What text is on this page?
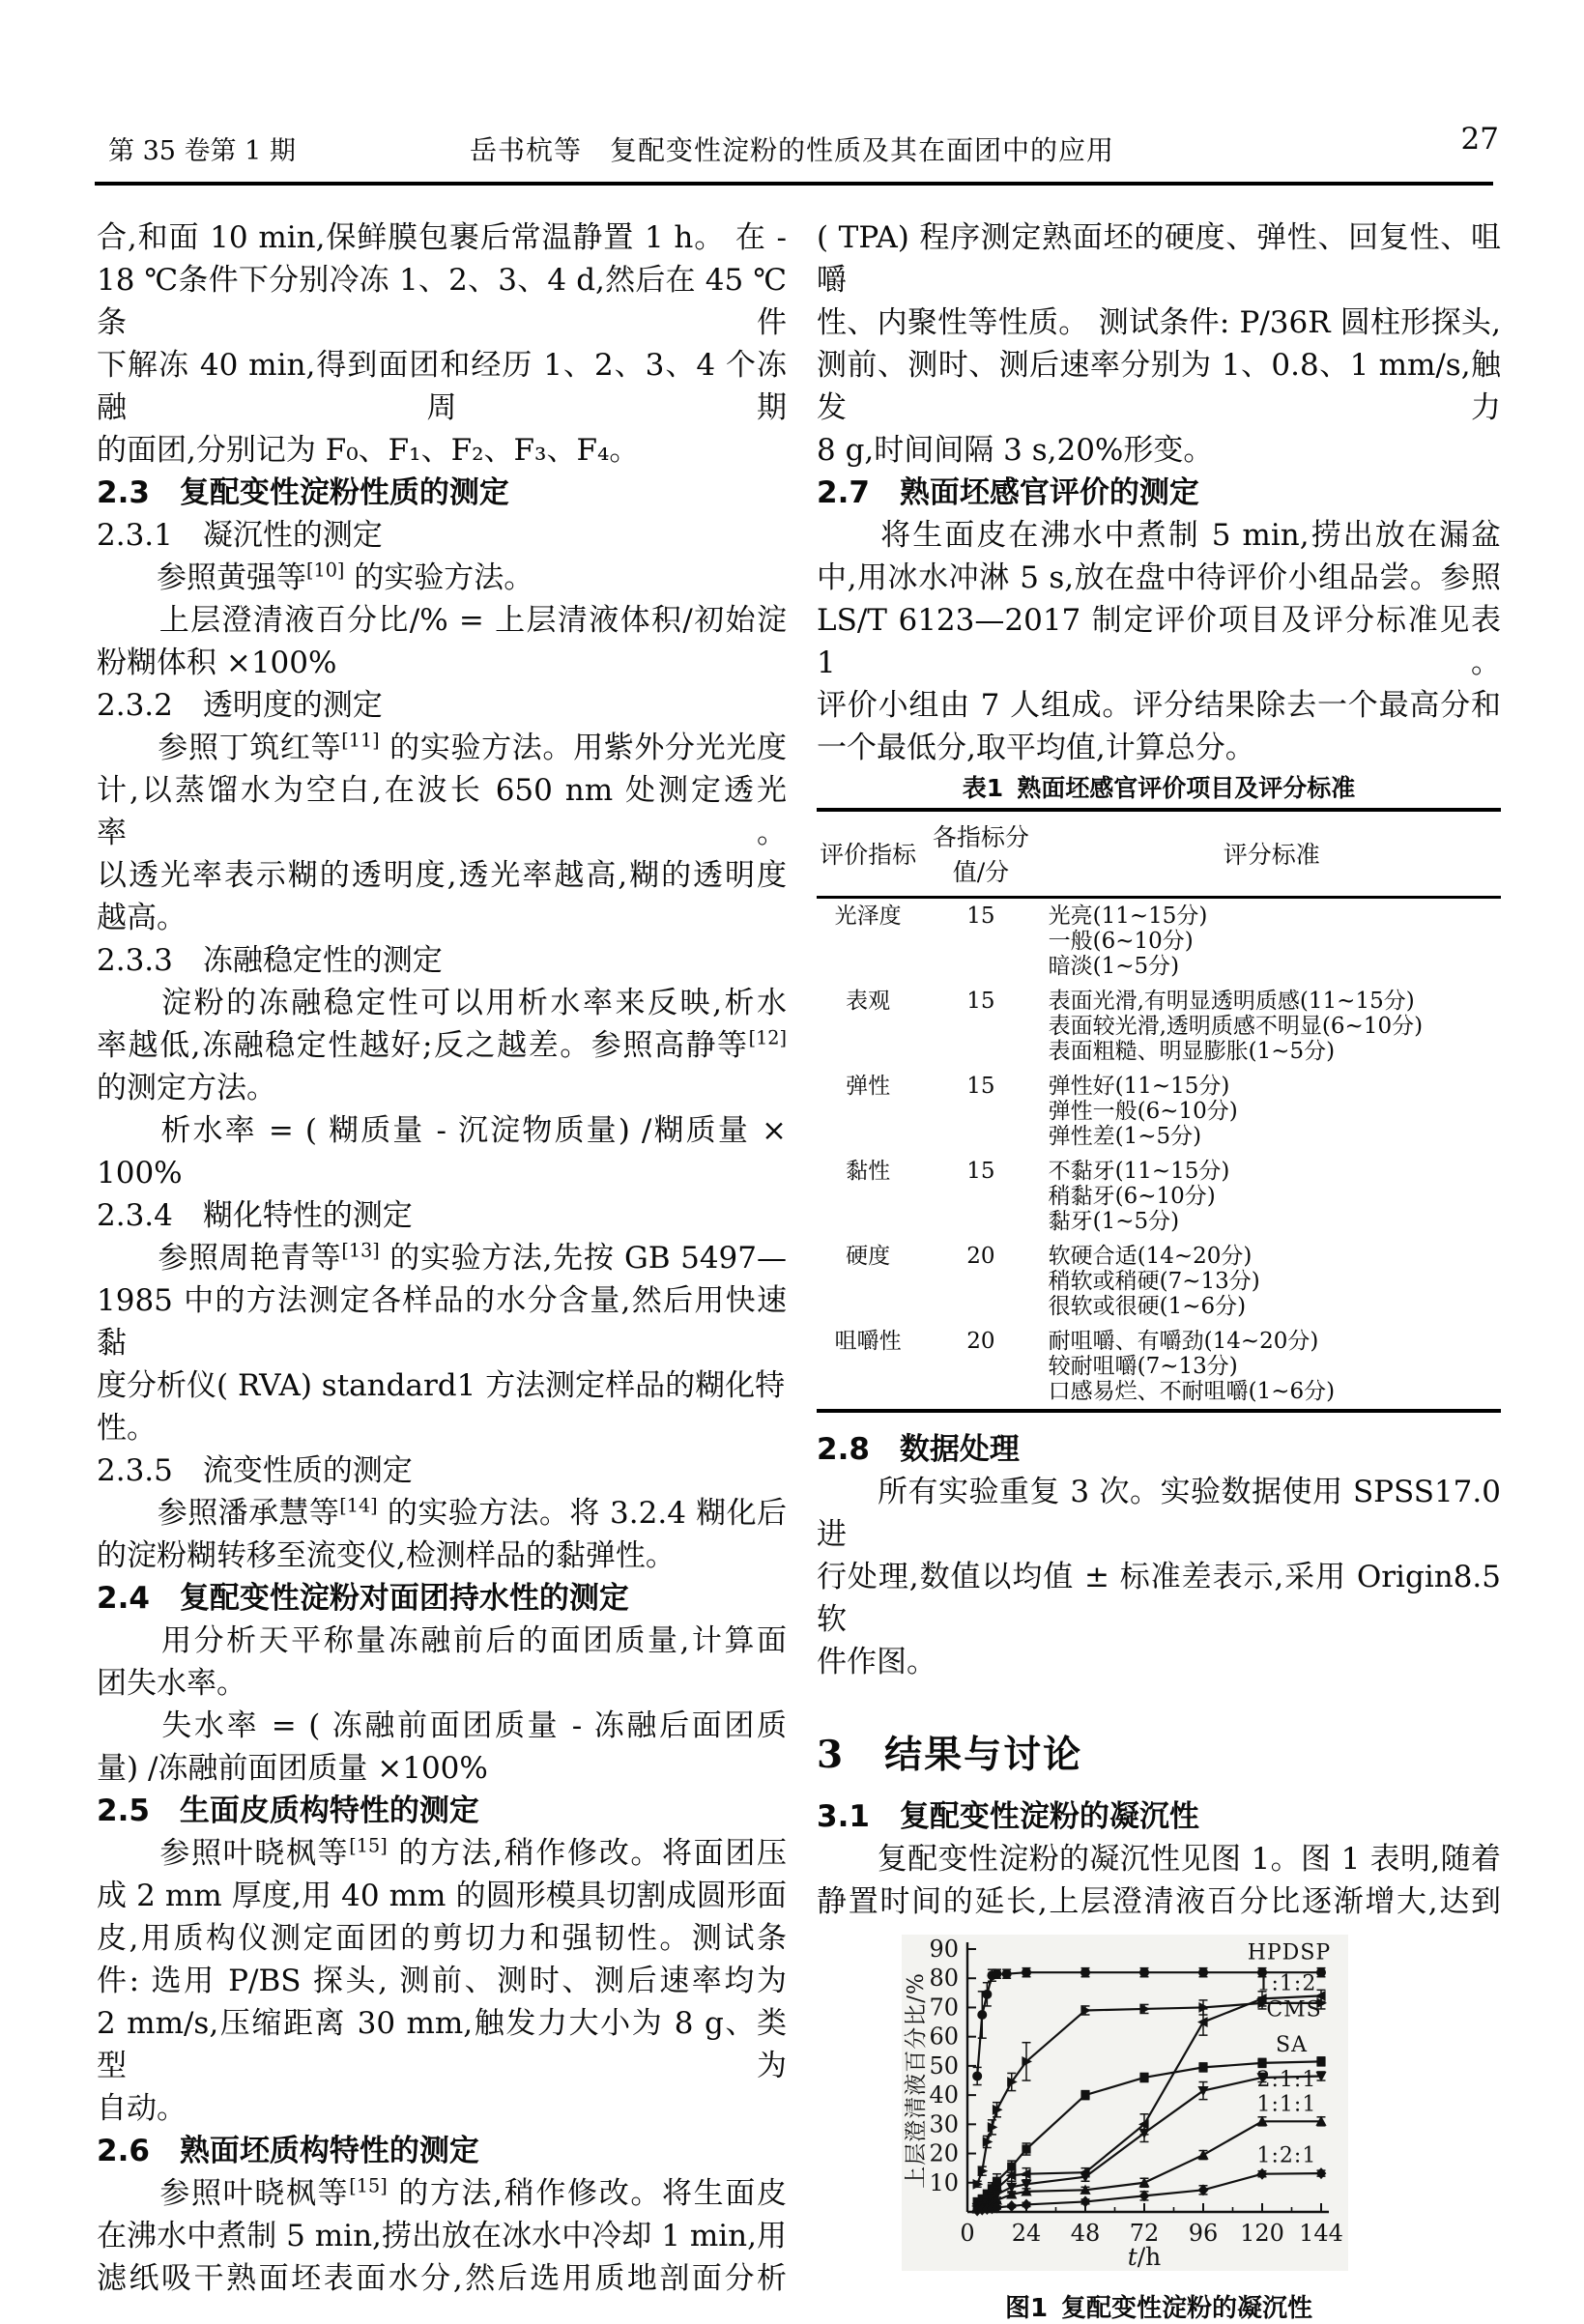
第 35 卷第 1 期	岳书杭等　复配变性淀粉的性质及其在面团中的应用	27
合,和面 10 min,保鲜膜包裹后常温静置 1 h。 在 -
18 ℃条件下分别冷冻 1、2、3、4 d,然后在 45 ℃条件
下解冻 40 min,得到面团和经历 1、2、3、4 个冻融周期
的面团,分别记为 F₀、F₁、F₂、F₃、F₄。
2.3　复配变性淀粉性质的测定
2.3.1　凝沉性的测定
　　参照黄强等[10] 的实验方法。
　　上层澄清液百分比/% = 上层清液体积/初始淀
粉糊体积 ×100%
2.3.2　透明度的测定
　　参照丁筑红等[11] 的实验方法。用紫外分光光度
计,以蒸馏水为空白,在波长 650 nm 处测定透光率。
以透光率表示糊的透明度,透光率越高,糊的透明度
越高。
2.3.3　冻融稳定性的测定
　　淀粉的冻融稳定性可以用析水率来反映,析水
率越低,冻融稳定性越好;反之越差。参照高静等[12]
的测定方法。
　　析水率 = ( 糊质量 - 沉淀物质量) /糊质量 ×
100%
2.3.4　糊化特性的测定
　　参照周艳青等[13] 的实验方法,先按 GB 5497—
1985 中的方法测定各样品的水分含量,然后用快速黏
度分析仪( RVA) standard1 方法测定样品的糊化特性。
2.3.5　流变性质的测定
　　参照潘承慧等[14] 的实验方法。将 3.2.4 糊化后
的淀粉糊转移至流变仪,检测样品的黏弹性。
2.4　复配变性淀粉对面团持水性的测定
　　用分析天平称量冻融前后的面团质量,计算面
团失水率。
　　失水率 = ( 冻融前面团质量 - 冻融后面团质
量) /冻融前面团质量 ×100%
2.5　生面皮质构特性的测定
　　参照叶晓枫等[15] 的方法,稍作修改。将面团压
成 2 mm 厚度,用 40 mm 的圆形模具切割成圆形面
皮,用质构仪测定面团的剪切力和强韧性。测试条
件: 选用 P/BS 探头, 测前、测时、测后速率均为
2 mm/s,压缩距离 30 mm,触发力大小为 8 g、类型为
自动。
2.6　熟面坯质构特性的测定
　　参照叶晓枫等[15] 的方法,稍作修改。将生面皮
在沸水中煮制 5 min,捞出放在冰水中冷却 1 min,用
滤纸吸干熟面坯表面水分,然后选用质地剖面分析
( TPA) 程序测定熟面坯的硬度、弹性、回复性、咀嚼
性、内聚性等性质。 测试条件: P/36R 圆柱形探头,
测前、测时、测后速率分别为 1、0.8、1 mm/s,触发力
8 g,时间间隔 3 s,20%形变。
2.7　熟面坯感官评价的测定
　　将生面皮在沸水中煮制 5 min,捞出放在漏盆
中,用冰水冲淋 5 s,放在盘中待评价小组品尝。参照
LS/T 6123—2017 制定评价项目及评分标准见表 1。
评价小组由 7 人组成。评分结果除去一个最高分和
一个最低分,取平均值,计算总分。
表1 熟面坯感官评价项目及评分标准
评价指标	各指标分值/分	评分标准
光泽度	15	光亮(11~15分)
一般(6~10分)
暗淡(1~5分)

表观	15	表面光滑,有明显透明质感(11~15分)
表面较光滑,透明质感不明显(6~10分)
表面粗糙、明显膨胀(1~5分)

弹性	15	弹性好(11~15分)
弹性一般(6~10分)
弹性差(1~5分)

黏性	15	不黏牙(11~15分)
稍黏牙(6~10分)
黏牙(1~5分)

硬度	20	软硬合适(14~20分)
稍软或稍硬(7~13分)
很软或很硬(1~6分)

咀嚼性	20	耐咀嚼、有嚼劲(14~20分)
较耐咀嚼(7~13分)
口感易烂、不耐咀嚼(1~6分)
2.8　数据处理
　　所有实验重复 3 次。实验数据使用 SPSS17.0 进
行处理,数值以均值 ± 标准差表示,采用 Origin8.5 软
件作图。
3　结果与讨论
3.1　复配变性淀粉的凝沉性
　　复配变性淀粉的凝沉性见图 1。图 1 表明,随着
静置时间的延长,上层澄清液百分比逐渐增大,达到
10
20
30
40
50
60
70
80
90
0 24 48 72 96 120 144
上层澄清液百分比/%
t/h
HPDSP
1:1:2
CMS
SA
2:1:1
1:1:1
1:2:1
图1 复配变性淀粉的凝沉性
